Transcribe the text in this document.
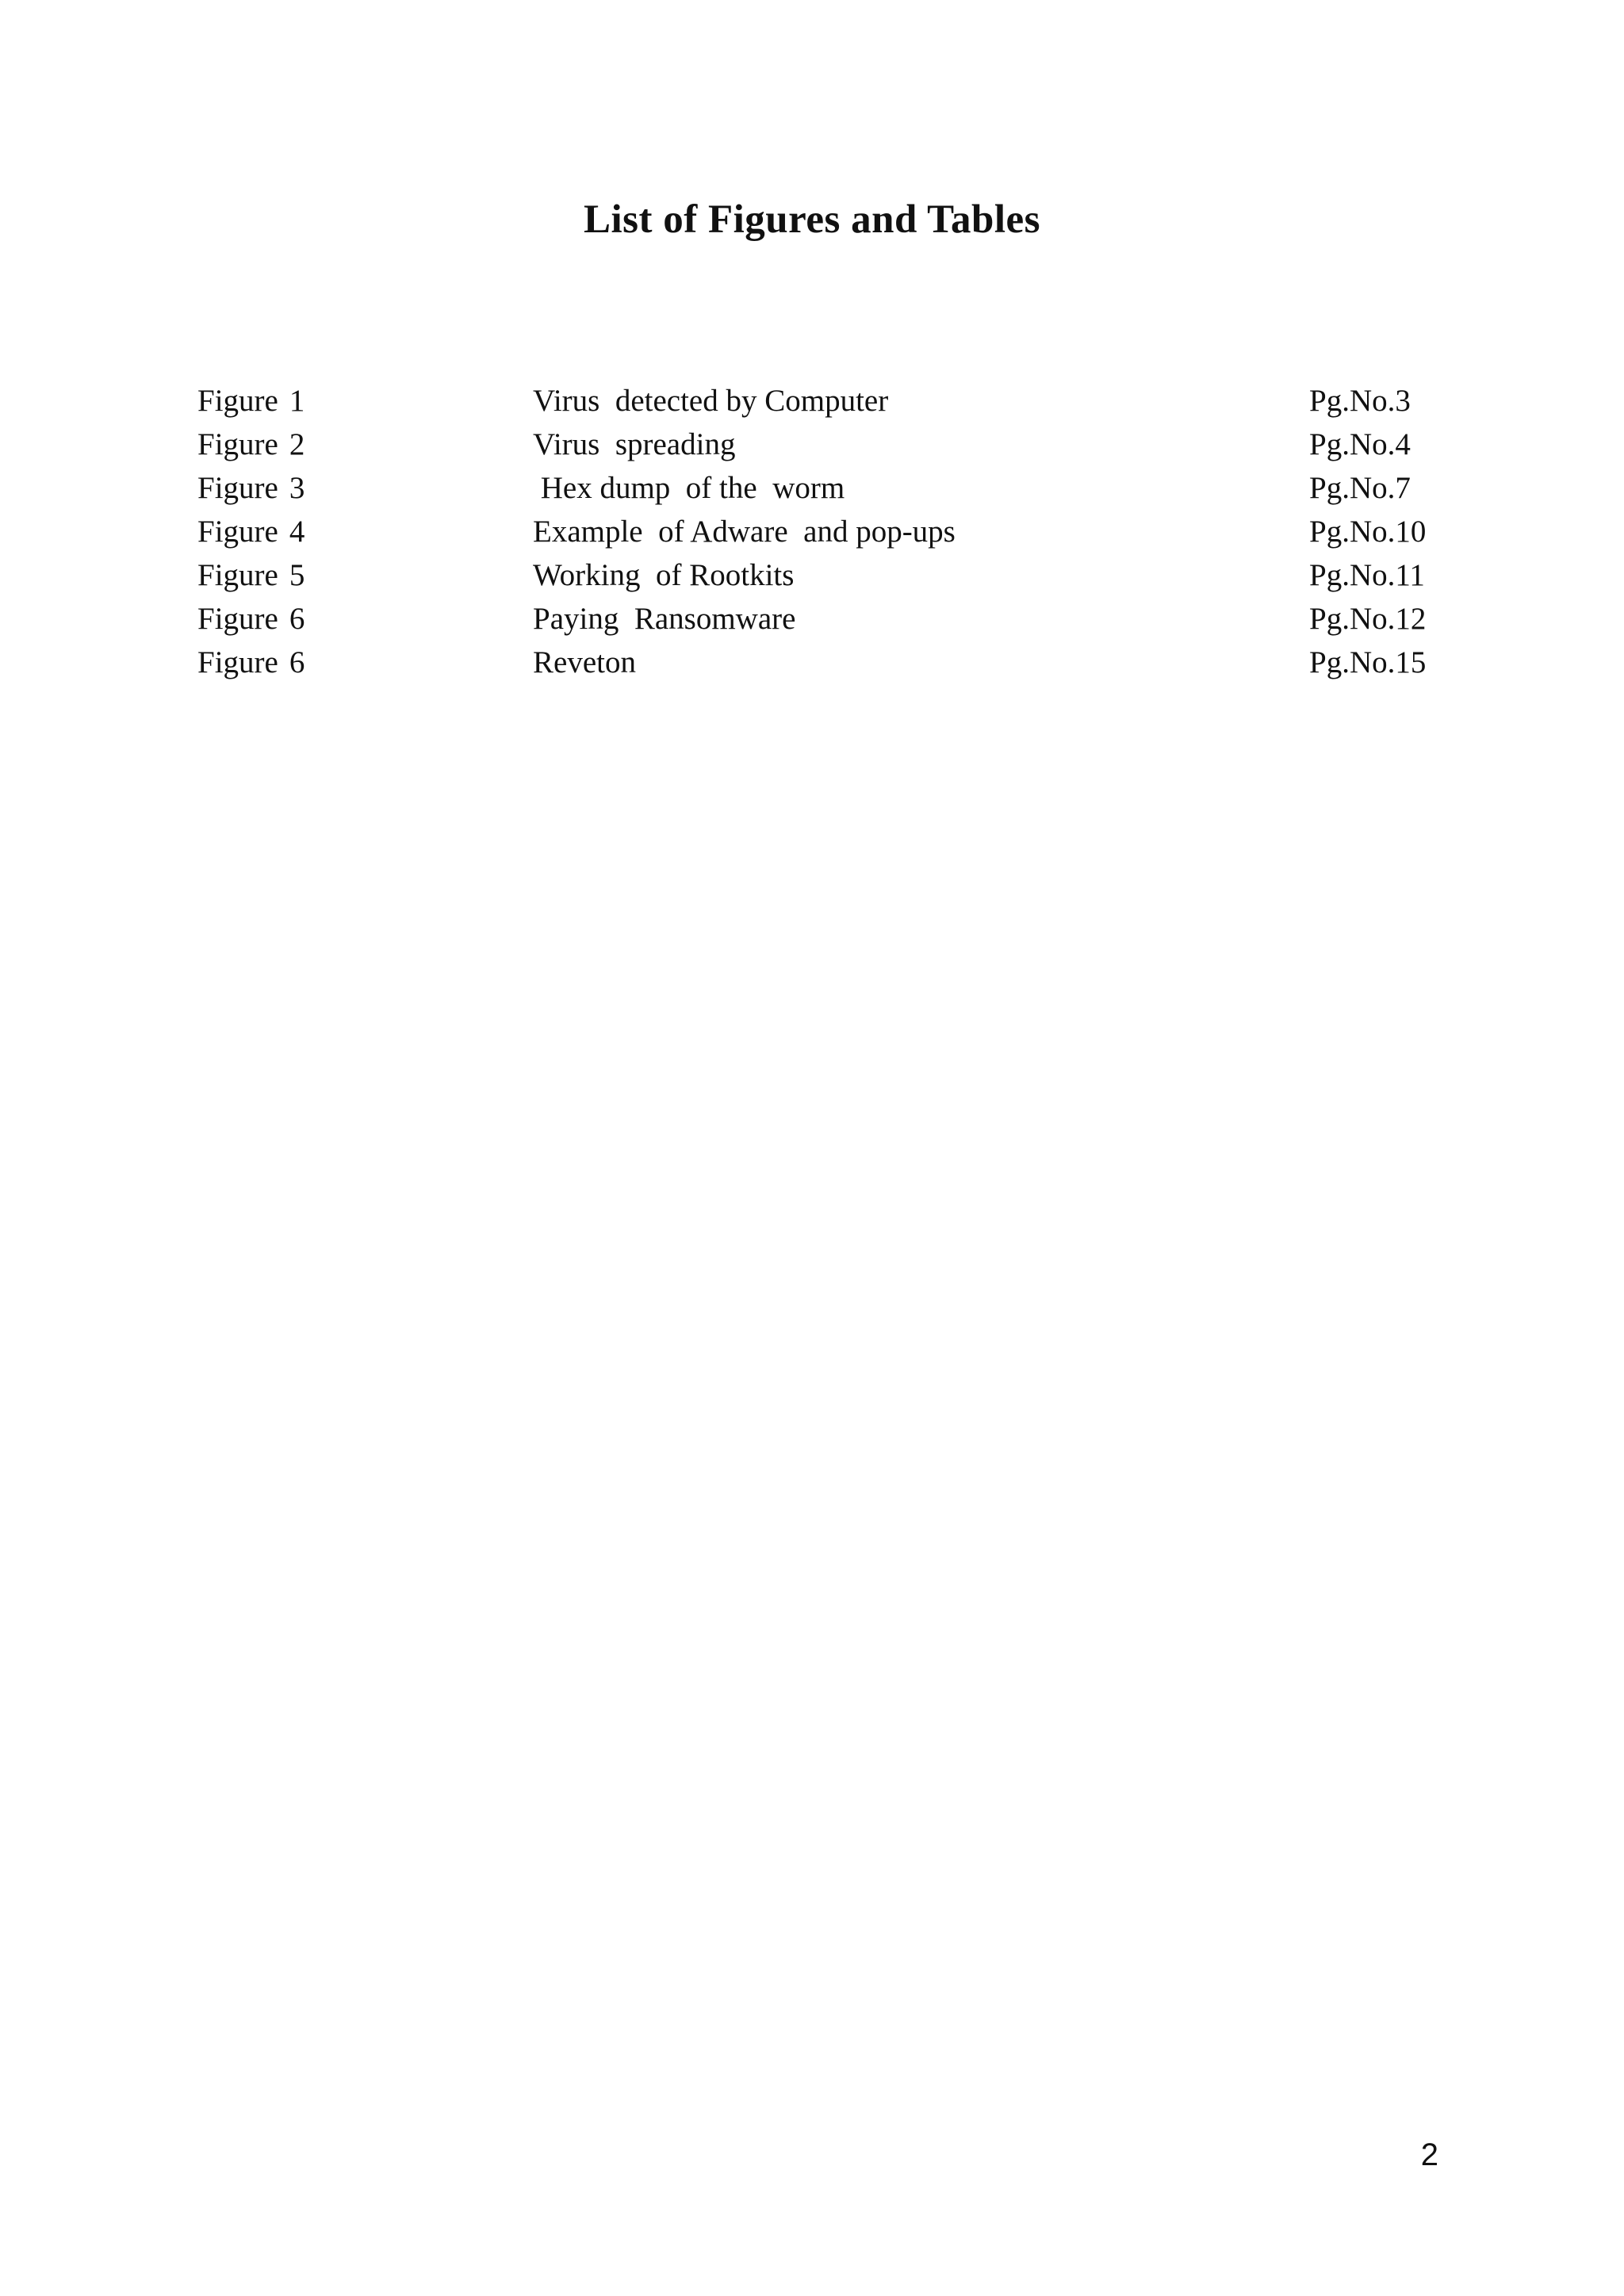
List of Figures and Tables
Figure 1	Virus  detected by Computer	Pg.No.3
Figure 2	Virus  spreading	Pg.No.4
Figure 3	Hex dump  of the  worm	Pg.No.7
Figure 4	Example  of Adware  and pop-ups	Pg.No.10
Figure 5	Working  of Rootkits	Pg.No.11
Figure 6	Paying  Ransomware	Pg.No.12
Figure 6	Reveton	Pg.No.15
2
